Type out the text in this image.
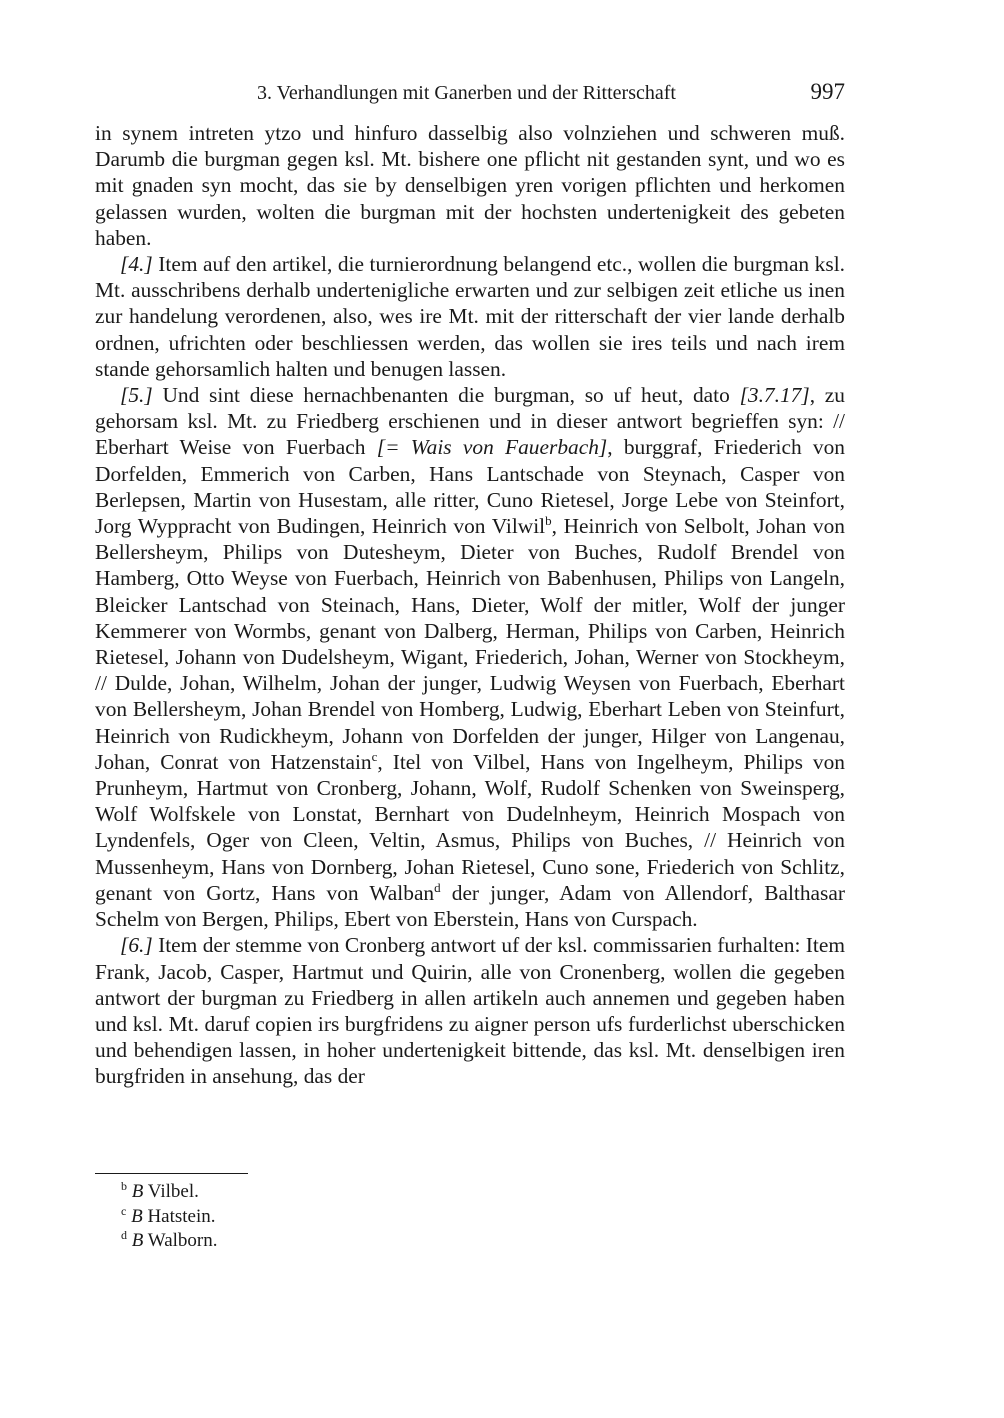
3. Verhandlungen mit Ganerben und der Ritterschaft	997

in synem intreten ytzo und hinfuro dasselbig also volnziehen und schweren muß. Darumb die burgman gegen ksl. Mt. bishere one pflicht nit gestanden synt, und wo es mit gnaden syn mocht, das sie by denselbigen yren vorigen pflichten und herkomen gelassen wurden, wolten die burgman mit der hochsten undertenigkeit des gebeten haben.

[4.] Item auf den artikel, die turnierordnung belangend etc., wollen die burgman ksl. Mt. ausschribens derhalb undertenigliche erwarten und zur selbigen zeit etliche us inen zur handelung verordenen, also, wes ire Mt. mit der ritterschaft der vier lande derhalb ordnen, ufrichten oder beschliessen werden, das wollen sie ires teils und nach irem stande gehorsamlich halten und benugen lassen.

[5.] Und sint diese hernachbenanten die burgman, so uf heut, dato [3.7.17], zu gehorsam ksl. Mt. zu Friedberg erschienen und in dieser antwort begrieffen syn: // Eberhart Weise von Fuerbach [= Wais von Fauerbach], burggraf, Friederich von Dorfelden, Emmerich von Carben, Hans Lantschade von Steynach, Casper von Berlepsen, Martin von Husestam, alle ritter, Cuno Rietesel, Jorge Lebe von Steinfort, Jorg Wyppracht von Budingen, Heinrich von Vilwil$^b$, Heinrich von Selbolt, Johan von Bellersheym, Philips von Dutesheym, Dieter von Buches, Rudolf Brendel von Hamberg, Otto Weyse von Fuerbach, Heinrich von Babenhusen, Philips von Langeln, Bleicker Lantschad von Steinach, Hans, Dieter, Wolf der mitler, Wolf der junger Kemmerer von Wormbs, genant von Dalberg, Herman, Philips von Carben, Heinrich Rietesel, Johann von Dudelsheym, Wigant, Friederich, Johan, Werner von Stockheym, // Dulde, Johan, Wilhelm, Johan der junger, Ludwig Weysen von Fuerbach, Eberhart von Bellersheym, Johan Brendel von Homberg, Ludwig, Eberhart Leben von Steinfurt, Heinrich von Rudickheym, Johann von Dorfelden der junger, Hilger von Langenau, Johan, Conrat von Hatzenstain$^c$, Itel von Vilbel, Hans von Ingelheym, Philips von Prunheym, Hartmut von Cronberg, Johann, Wolf, Rudolf Schenken von Sweinsperg, Wolf Wolfskele von Lonstat, Bernhart von Dudelnheym, Heinrich Mospach von Lyndenfels, Oger von Cleen, Veltin, Asmus, Philips von Buches, // Heinrich von Mussenheym, Hans von Dornberg, Johan Rietesel, Cuno sone, Friederich von Schlitz, genant von Gortz, Hans von Walban$^d$ der junger, Adam von Allendorf, Balthasar Schelm von Bergen, Philips, Ebert von Eberstein, Hans von Curspach.

[6.] Item der stemme von Cronberg antwort uf der ksl. commissarien furhalten: Item Frank, Jacob, Casper, Hartmut und Quirin, alle von Cronenberg, wollen die gegeben antwort der burgman zu Friedberg in allen artikeln auch annemen und gegeben haben und ksl. Mt. daruf copien irs burgfridens zu aigner person ufs furderlichst uberschicken und behendigen lassen, in hoher undertenigkeit bittende, das ksl. Mt. denselbigen iren burgfriden in ansehung, das der

$^b$ B Vilbel.
$^c$ B Hatstein.
$^d$ B Walborn.
